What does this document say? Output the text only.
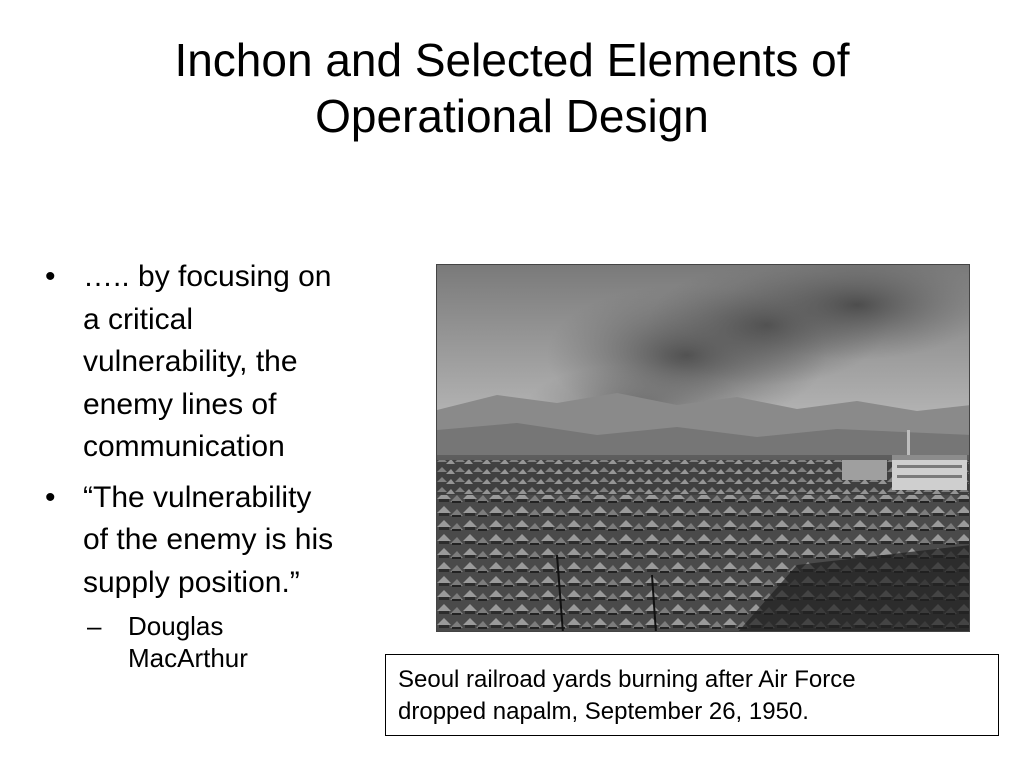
Inchon and Selected Elements of
Operational Design
• ….. by focusing on
a critical
vulnerability, the
enemy lines of
communication
• “The vulnerability
of the enemy is his
supply position.”
– Douglas
MacArthur
Seoul railroad yards burning after Air Force
dropped napalm, September 26, 1950.
